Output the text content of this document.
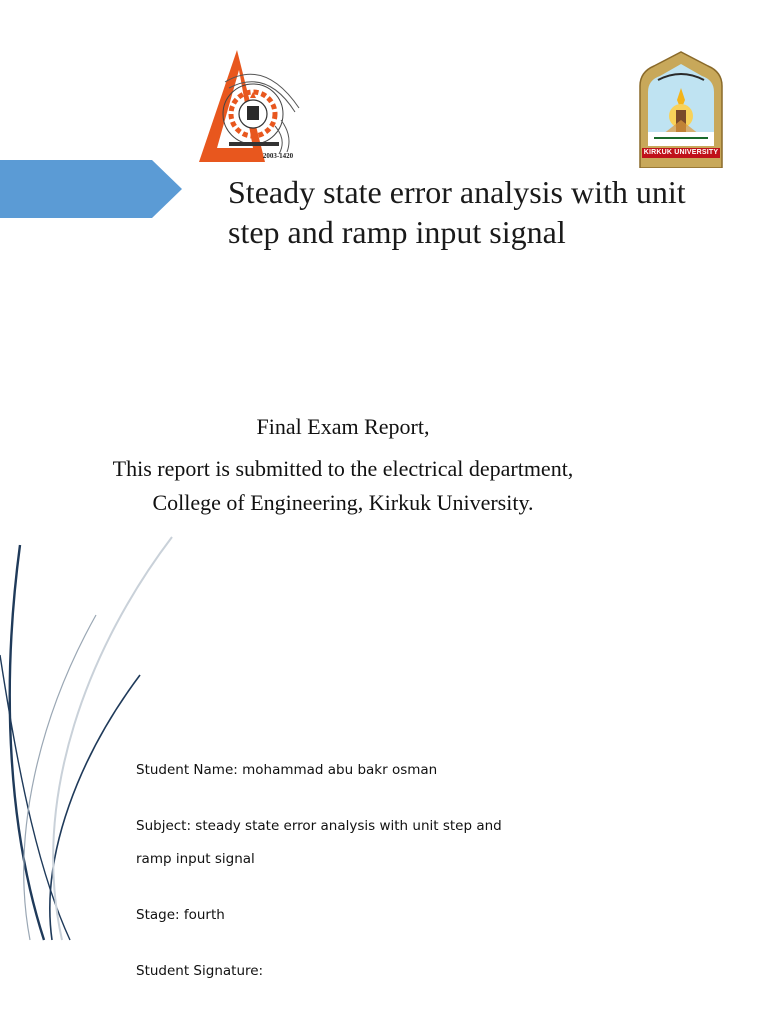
2003-1420	KIRKUK UNIVERSITY
Steady state error analysis with unit step and ramp input signal
Final Exam Report,
This report is submitted to the electrical department,
College of Engineering, Kirkuk University.
Student Name: mohammad abu bakr osman
Subject: steady state error analysis with unit step and
ramp input signal
Stage: fourth
Student Signature:
